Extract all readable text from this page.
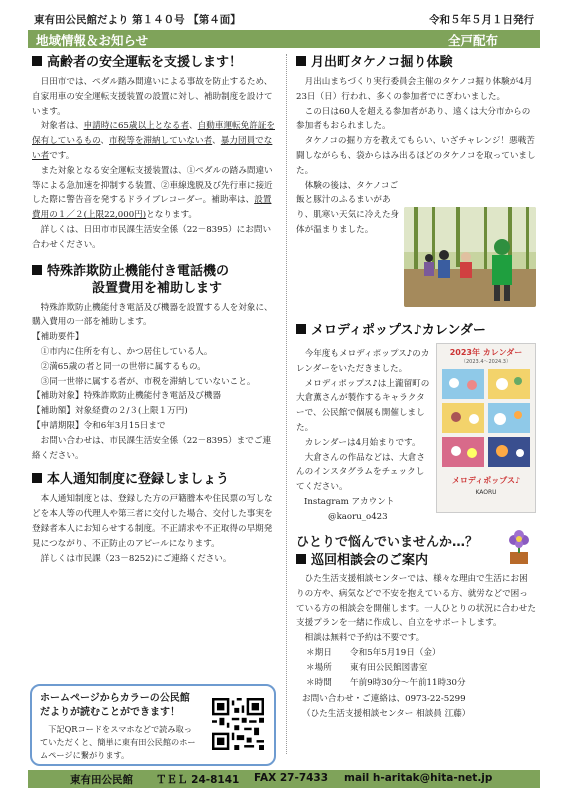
東有田公民館だより 第１４０号 【第４面】	令和５年５月１日発行
地域情報＆お知らせ	全戸配布
高齢者の安全運転を支援します！
日田市では、ペダル踏み間違いによる事故を防止するため、自家用車の安全運転支援装置の設置に対し、補助制度を設けています。
対象者は、申請時に65歳以上となる者、自動車運転免許証を保有しているもの、市税等を滞納していない者、暴力団員でない者です。
また対象となる安全運転支援装置は、①ペダルの踏み間違い等による急加速を抑制する装置、②車線逸脱及び先行車に接近した際に警告音を発するドライブレコーダー。補助率は、設置費用の１／２(上限22,000円)となります。
詳しくは、日田市市民課生活安全係（22－8395）にお問い合わせください。
特殊詐欺防止機能付き電話機の
設置費用を補助します
特殊詐欺防止機能付き電話及び機器を設置する人を対象に、購入費用の一部を補助します。
【補助要件】
①市内に住所を有し、かつ居住している人。
②満65歳の者と同一の世帯に属するもの。
③同一世帯に属する者が、市税を滞納していないこと。
【補助対象】特殊詐欺防止機能付き電話及び機器
【補助額】対象経費の２/３(上限１万円)
【申請期限】令和6年3月15日まで
お問い合わせは、市民課生活安全係（22－8395）までご連絡ください。
本人通知制度に登録しましょう
本人通知制度とは、登録した方の戸籍謄本や住民票の写しなどを本人等の代理人や第三者に交付した場合、交付した事実を登録者本人にお知らせする制度。不正請求や不正取得の早期発見につながり、不正防止のアピールになります。
詳しくは市民課（23－8252)にご連絡ください。
ホームページからカラーの公民館
だよりが読むことができます！
下記QRコードをスマホなどで読み取っていただくと、簡単に東有田公民館のホームページに繋がります。
月出町タケノコ掘り体験
月出山まちづくり実行委員会主催のタケノコ掘り体験が4月23日（日）行われ、多くの参加者でにぎわいました。
この日は60人を超える参加者があり、遠くは大分市からの参加者もおられました。
タケノコの掘り方を教えてもらい、いざチャレンジ！悪戦苦闘しながらも、袋からはみ出るほどのタケノコを取っていました。
体験の後は、タケノコご飯と豚汁のふるまいがあり、肌寒い天気に冷えた身体が温まりました。
メロディポップス♪カレンダー
今年度もメロディポップス♪のカレンダーをいただきました。
メロディポップス♪は上瀧留町の大倉薫さんが製作するキャラクターで、公民館で個展も開催しました。
カレンダーは4月始まりです。
大倉さんの作品などは、大倉さんのインスタグラムをチェックしてください。
Instagram アカウント
@kaoru_o423
2023年 カレンダー
（2023.4～2024.3）
メロディポップス♪
KAORU
ひとりで悩んでいませんか…？
巡回相談会のご案内
ひた生活支援相談センターでは、様々な理由で生活にお困りの方や、病気などで不安を抱えている方、就労などで困っている方の相談会を開催します。一人ひとりの状況に合わせた支援プランを一緒に作成し、自立をサポートします。
相談は無料で予約は不要です。
＊期日 令和5年5月19日（金）
＊場所 東有田公民館図書室
＊時間 午前9時30分～午前11時30分
お問い合わせ・ご連絡は、0973-22-5299
（ひた生活支援相談センター 相談員 江藤）
東有田公民館 ＴＥＬ 24-8141 FAX 27-7433 mail h-aritak@hita-net.jp
